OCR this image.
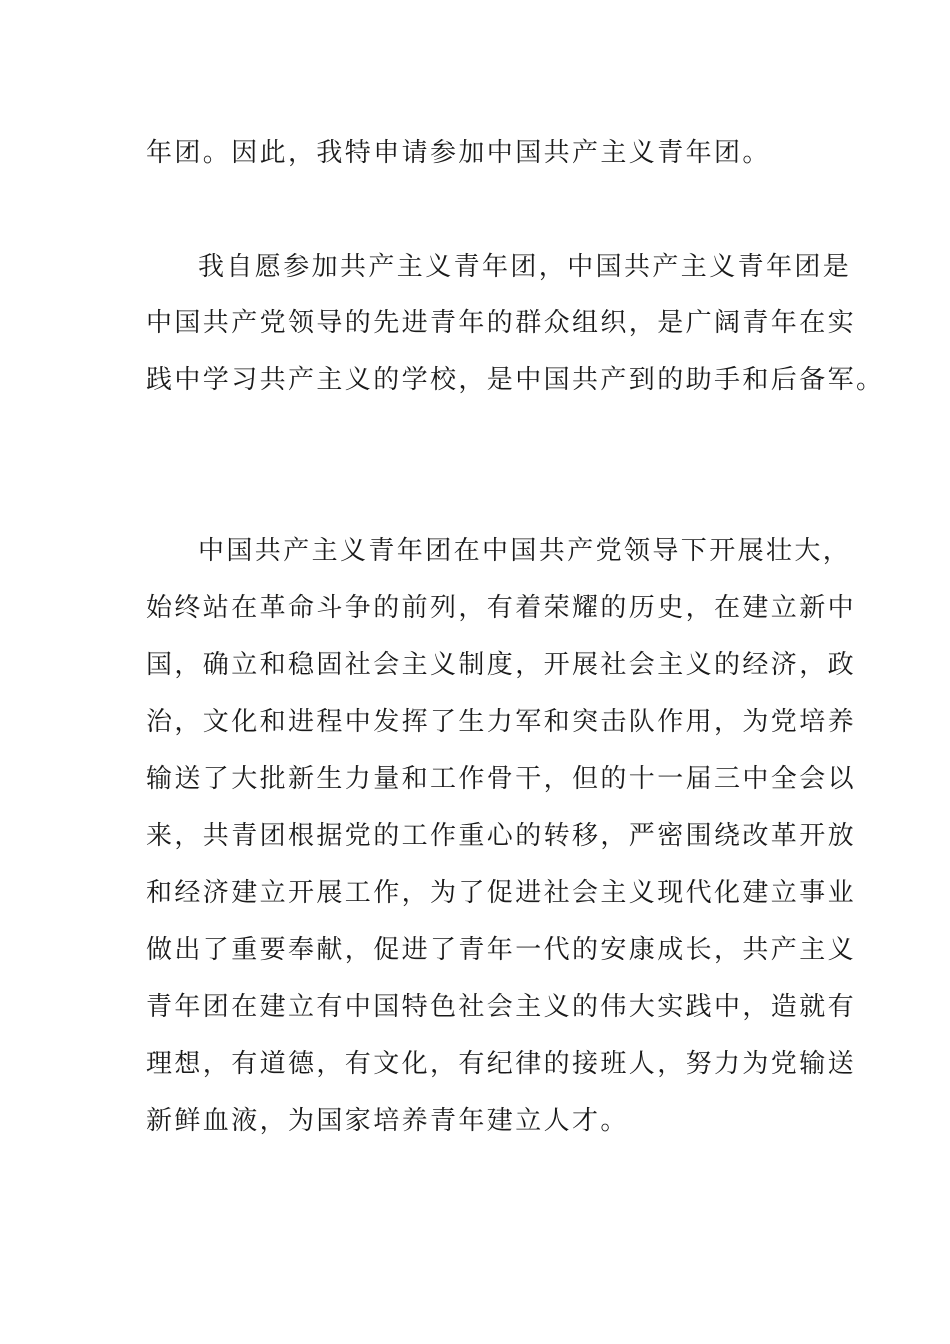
年团。因此，我特申请参加中国共产主义青年团。
我自愿参加共产主义青年团，中国共产主义青年团是
中国共产党领导的先进青年的群众组织，是广阔青年在实
践中学习共产主义的学校，是中国共产到的助手和后备军。
中国共产主义青年团在中国共产党领导下开展壮大，
始终站在革命斗争的前列，有着荣耀的历史，在建立新中
国，确立和稳固社会主义制度，开展社会主义的经济，政
治，文化和进程中发挥了生力军和突击队作用，为党培养
输送了大批新生力量和工作骨干，但的十一届三中全会以
来，共青团根据党的工作重心的转移，严密围绕改革开放
和经济建立开展工作，为了促进社会主义现代化建立事业
做出了重要奉献，促进了青年一代的安康成长，共产主义
青年团在建立有中国特色社会主义的伟大实践中，造就有
理想，有道德，有文化，有纪律的接班人，努力为党输送
新鲜血液，为国家培养青年建立人才。
